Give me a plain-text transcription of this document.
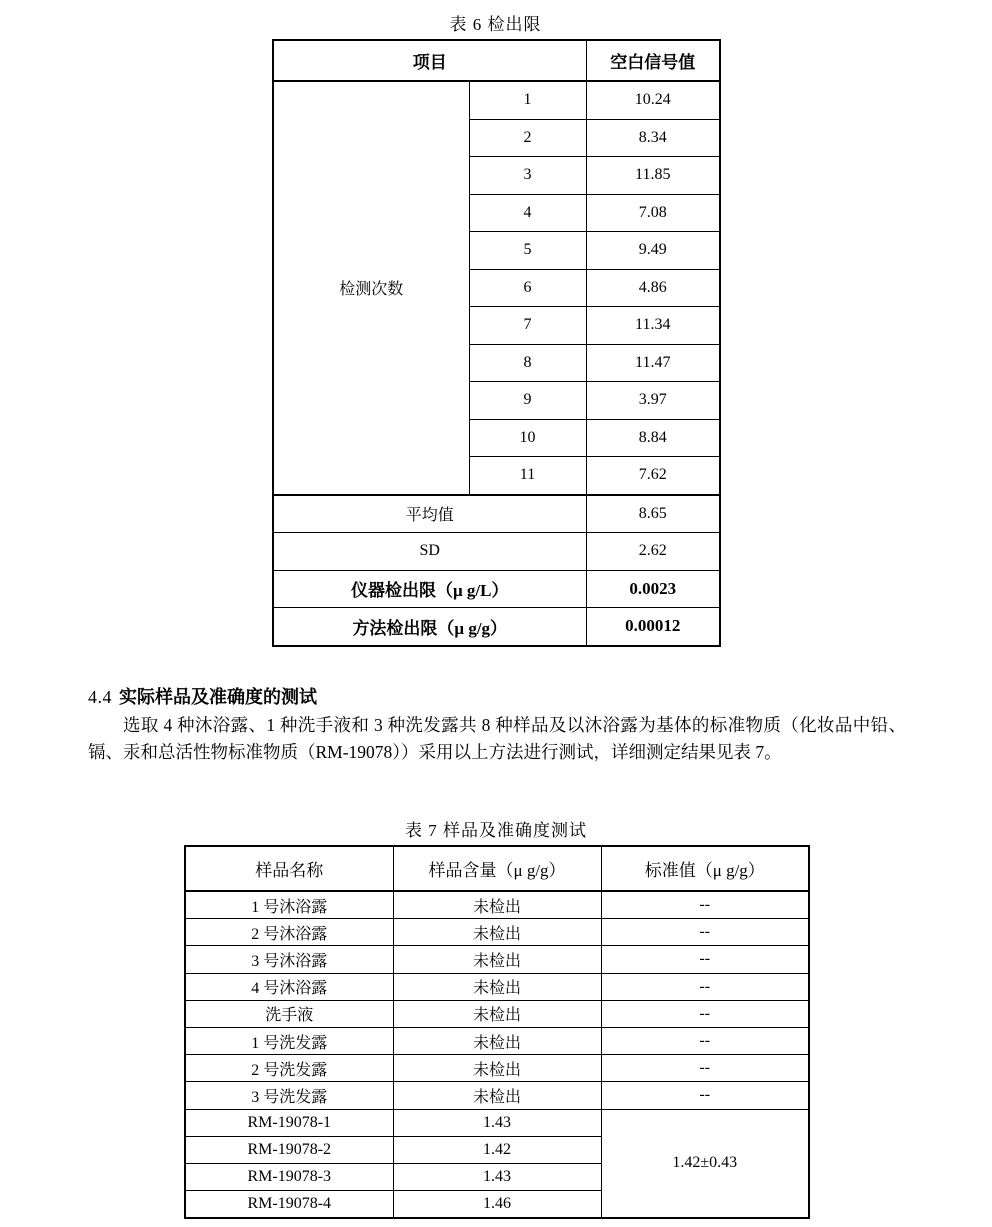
表 6 检出限
项目		空白信号值
检测次数	1	10.24
	2	8.34
	3	11.85
	4	7.08
	5	9.49
	6	4.86
	7	11.34
	8	11.47
	9	3.97
	10	8.84
	11	7.62
平均值		8.65
SD		2.62
仪器检出限（μ g/L）		0.0023
方法检出限（μ g/g）		0.00012
4.4 实际样品及准确度的测试
选取 4 种沐浴露、1 种洗手液和 3 种洗发露共 8 种样品及以沐浴露为基体的标准物质（化妆品中铅、镉、汞和总活性物标准物质（RM-19078））采用以上方法进行测试，详细测定结果见表 7。
表 7 样品及准确度测试
样品名称	样品含量（μ g/g）	标准值（μ g/g）
1 号沐浴露	未检出	--
2 号沐浴露	未检出	--
3 号沐浴露	未检出	--
4 号沐浴露	未检出	--
洗手液	未检出	--
1 号洗发露	未检出	--
2 号洗发露	未检出	--
3 号洗发露	未检出	--
RM-19078-1	1.43	1.42±0.43
RM-19078-2	1.42	
RM-19078-3	1.43	
RM-19078-4	1.46	
